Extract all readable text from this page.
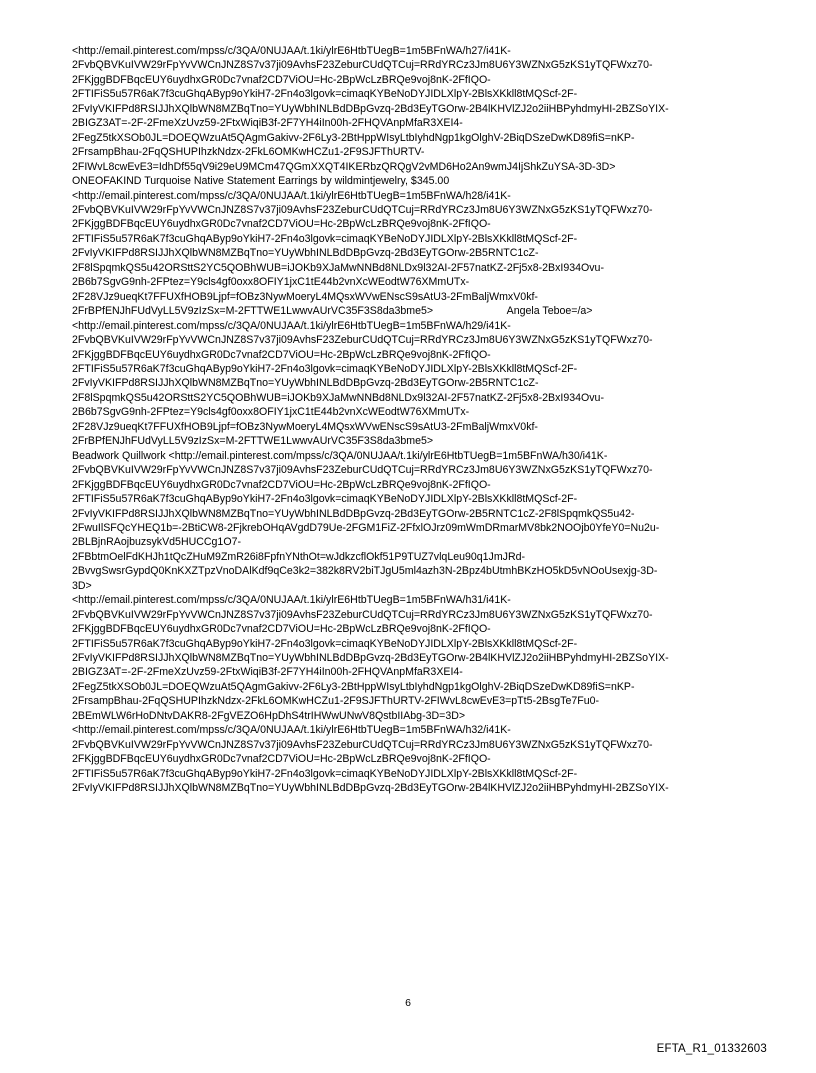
<http://email.pinterest.com/mpss/c/3QA/0NUJAA/t.1ki/ylrE6HtbTUegB=1m5BFnWA/h27/i41K-
2FvbQBVKuIVW29rFpYvVWCnJNZ8S7v37ji09AvhsF23ZeburCUdQTCuj=RRdYRCz3Jm8U6Y3WZNxG5zKS1yTQFWxz70-
2FKjggBDFBqcEUY6uydhxGR0Dc7vnaf2CD7ViOU=Hc-2BpWcLzBRQe9voj8nK-2FfIQO-
2FTIFiS5u57R6aK7f3cuGhqAByp9oYkiH7-2Fn4o3lgovk=cimaqKYBeNoDYJIDLXlpY-2BlsXKkll8tMQScf-2F-
2FvIyVKIFPd8RSIJJhXQlbWN8MZBqTno=YUyWbhINLBdDBpGvzq-2Bd3EyTGOrw-2B4lKHVlZJ2o2iiHBPyhdmyHI-2BZSoYIX-
2BIGZ3AT=-2F-2FmeXzUvz59-2FtxWiqiB3f-2F7YH4iIn00h-2FHQVAnpMfaR3XEI4-
2FegZ5tkXSOb0JL=DOEQWzuAt5QAgmGakivv-2F6Ly3-2BtHppWIsyLtbIyhdNgp1kgOlghV-2BiqDSzeDwKD89fiS=nKP-
2FrsampBhau-2FqQSHUPIhzkNdzx-2FkL6OMKwHCZu1-2F9SJFThURTV-
2FIWvL8cwEvE3=IdhDf55qV9i29eU9MCm47QGmXXQT4IKERbzQRQgV2vMD6Ho2An9wmJ4IjShkZuYSA-3D-3D>
ONEOFAKIND Turquoise Native Statement Earrings by wildmintjewelry, $345.00
<http://email.pinterest.com/mpss/c/3QA/0NUJAA/t.1ki/ylrE6HtbTUegB=1m5BFnWA/h28/i41K-
2FvbQBVKuIVW29rFpYvVWCnJNZ8S7v37ji09AvhsF23ZeburCUdQTCuj=RRdYRCz3Jm8U6Y3WZNxG5zKS1yTQFWxz70-
2FKjggBDFBqcEUY6uydhxGR0Dc7vnaf2CD7ViOU=Hc-2BpWcLzBRQe9voj8nK-2FfIQO-
2FTIFiS5u57R6aK7f3cuGhqAByp9oYkiH7-2Fn4o3lgovk=cimaqKYBeNoDYJIDLXlpY-2BlsXKkll8tMQScf-2F-
2FvIyVKIFPd8RSIJJhXQlbWN8MZBqTno=YUyWbhINLBdDBpGvzq-2Bd3EyTGOrw-2B5RNTC1cZ-
2F8lSpqmkQS5u42ORSttS2YC5QOBhWUB=iJOKb9XJaMwNNBd8NLDx9l32AI-2F57natKZ-2Fj5x8-2BxI934Ovu-
2B6b7SgvG9nh-2FPtez=Y9cls4gf0oxx8OFIY1jxC1tE44b2vnXcWEodtW76XMmUTx-
2F28VJz9ueqKt7FFUXfHOB9Ljpf=fOBz3NywMoeryL4MQsxWVwENscS9sAtU3-2FmBaljWmxV0kf-
2FrBPfENJhFUdVyLL5V9zIzSx=M-2FTTWE1LwwvAUrVC35F3S8da3bme5>                         Angela Teboe=/a>
<http://email.pinterest.com/mpss/c/3QA/0NUJAA/t.1ki/ylrE6HtbTUegB=1m5BFnWA/h29/i41K-
2FvbQBVKuIVW29rFpYvVWCnJNZ8S7v37ji09AvhsF23ZeburCUdQTCuj=RRdYRCz3Jm8U6Y3WZNxG5zKS1yTQFWxz70-
2FKjggBDFBqcEUY6uydhxGR0Dc7vnaf2CD7ViOU=Hc-2BpWcLzBRQe9voj8nK-2FfIQO-
2FTIFiS5u57R6aK7f3cuGhqAByp9oYkiH7-2Fn4o3lgovk=cimaqKYBeNoDYJIDLXlpY-2BlsXKkll8tMQScf-2F-
2FvIyVKIFPd8RSIJJhXQlbWN8MZBqTno=YUyWbhINLBdDBpGvzq-2Bd3EyTGOrw-2B5RNTC1cZ-
2F8lSpqmkQS5u42ORSttS2YC5QOBhWUB=iJOKb9XJaMwNNBd8NLDx9l32AI-2F57natKZ-2Fj5x8-2BxI934Ovu-
2B6b7SgvG9nh-2FPtez=Y9cls4gf0oxx8OFIY1jxC1tE44b2vnXcWEodtW76XMmUTx-
2F28VJz9ueqKt7FFUXfHOB9Ljpf=fOBz3NywMoeryL4MQsxWVwENscS9sAtU3-2FmBaljWmxV0kf-
2FrBPfENJhFUdVyLL5V9zIzSx=M-2FTTWE1LwwvAUrVC35F3S8da3bme5>
Beadwork Quillwork <http://email.pinterest.com/mpss/c/3QA/0NUJAA/t.1ki/ylrE6HtbTUegB=1m5BFnWA/h30/i41K-
2FvbQBVKuIVW29rFpYvVWCnJNZ8S7v37ji09AvhsF23ZeburCUdQTCuj=RRdYRCz3Jm8U6Y3WZNxG5zKS1yTQFWxz70-
2FKjggBDFBqcEUY6uydhxGR0Dc7vnaf2CD7ViOU=Hc-2BpWcLzBRQe9voj8nK-2FfIQO-
2FTIFiS5u57R6aK7f3cuGhqAByp9oYkiH7-2Fn4o3lgovk=cimaqKYBeNoDYJIDLXlpY-2BlsXKkll8tMQScf-2F-
2FvIyVKIFPd8RSIJJhXQlbWN8MZBqTno=YUyWbhINLBdDBpGvzq-2Bd3EyTGOrw-2B5RNTC1cZ-2F8lSpqmkQS5u42-
2FwuIlSFQcYHEQ1b=-2BtiCW8-2FjkrebOHqAVgdD79Ue-2FGM1FiZ-2FfxlOJrz09mWmDRmarMV8bk2NOOjb0YfeY0=Nu2u-
2BLBjnRAojbuzsykVd5HUCCg1O7-
2FBbtmOelFdKHJh1tQcZHuM9ZmR26i8FpfnYNthOt=wJdkzcflOkf51P9TUZ7vlqLeu90q1JmJRd-
2BvvgSwsrGypdQ0KnKXZTpzVnoDAlKdf9qCe3k2=382k8RV2biTJgU5ml4azh3N-2Bpz4bUtmhBKzHO5kD5vNOoUsexjg-3D-
3D>
<http://email.pinterest.com/mpss/c/3QA/0NUJAA/t.1ki/ylrE6HtbTUegB=1m5BFnWA/h31/i41K-
2FvbQBVKuIVW29rFpYvVWCnJNZ8S7v37ji09AvhsF23ZeburCUdQTCuj=RRdYRCz3Jm8U6Y3WZNxG5zKS1yTQFWxz70-
2FKjggBDFBqcEUY6uydhxGR0Dc7vnaf2CD7ViOU=Hc-2BpWcLzBRQe9voj8nK-2FfIQO-
2FTIFiS5u57R6aK7f3cuGhqAByp9oYkiH7-2Fn4o3lgovk=cimaqKYBeNoDYJIDLXlpY-2BlsXKkll8tMQScf-2F-
2FvIyVKIFPd8RSIJJhXQlbWN8MZBqTno=YUyWbhINLBdDBpGvzq-2Bd3EyTGOrw-2B4lKHVlZJ2o2iiHBPyhdmyHI-2BZSoYIX-
2BIGZ3AT=-2F-2FmeXzUvz59-2FtxWiqiB3f-2F7YH4iIn00h-2FHQVAnpMfaR3XEI4-
2FegZ5tkXSOb0JL=DOEQWzuAt5QAgmGakivv-2F6Ly3-2BtHppWIsyLtbIyhdNgp1kgOlghV-2BiqDSzeDwKD89fiS=nKP-
2FrsampBhau-2FqQSHUPIhzkNdzx-2FkL6OMKwHCZu1-2F9SJFThURTV-2FIWvL8cwEvE3=pTt5-2BsgTe7Fu0-
2BEmWLW6rHoDNtvDAKR8-2FgVEZO6HpDhS4trIHWwUNwV8QstbIIAbg-3D=3D>
<http://email.pinterest.com/mpss/c/3QA/0NUJAA/t.1ki/ylrE6HtbTUegB=1m5BFnWA/h32/i41K-
2FvbQBVKuIVW29rFpYvVWCnJNZ8S7v37ji09AvhsF23ZeburCUdQTCuj=RRdYRCz3Jm8U6Y3WZNxG5zKS1yTQFWxz70-
2FKjggBDFBqcEUY6uydhxGR0Dc7vnaf2CD7ViOU=Hc-2BpWcLzBRQe9voj8nK-2FfIQO-
2FTIFiS5u57R6aK7f3cuGhqAByp9oYkiH7-2Fn4o3lgovk=cimaqKYBeNoDYJIDLXlpY-2BlsXKkll8tMQScf-2F-
2FvIyVKIFPd8RSIJJhXQlbWN8MZBqTno=YUyWbhINLBdDBpGvzq-2Bd3EyTGOrw-2B4lKHVlZJ2o2iiHBPyhdmyHI-2BZSoYIX-
6
EFTA_R1_01332603
